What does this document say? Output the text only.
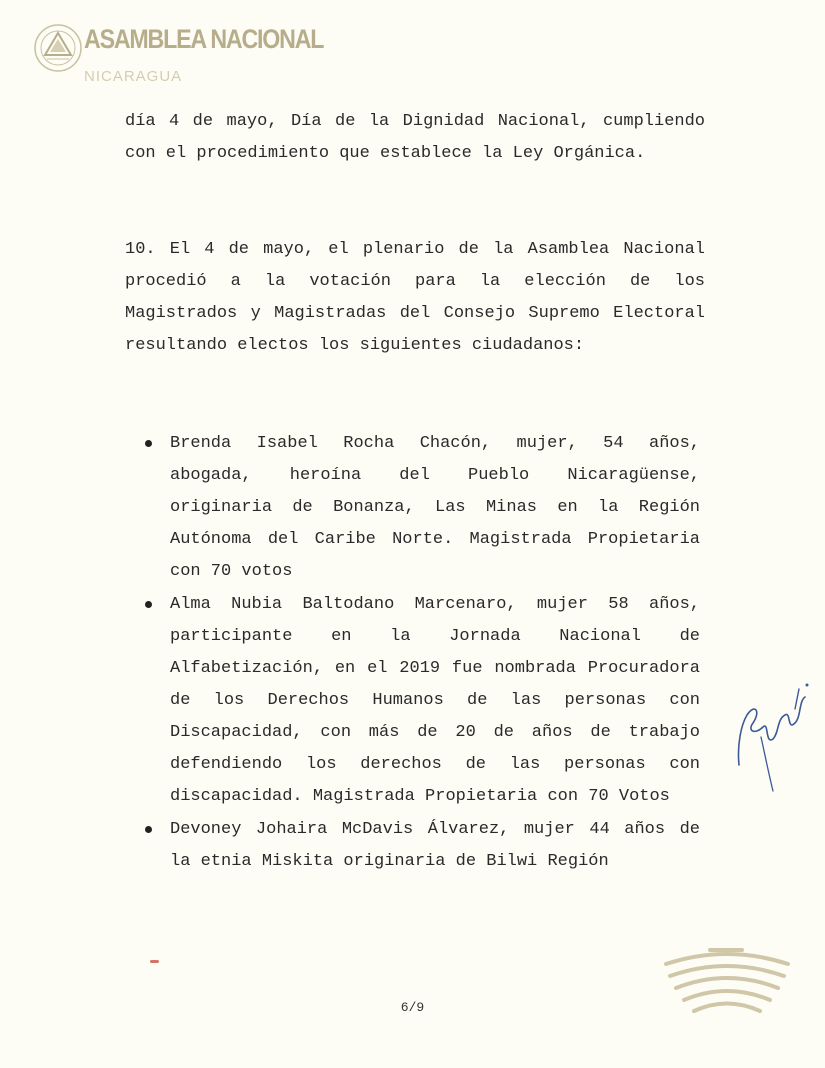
ASAMBLEA NACIONAL
NICARAGUA

día 4 de mayo, Día de la Dignidad Nacional, cumpliendo con el procedimiento que establece la Ley Orgánica.

10. El 4 de mayo, el plenario de la Asamblea Nacional procedió a la votación para la elección de los Magistrados y Magistradas del Consejo Supremo Electoral resultando electos los siguientes ciudadanos:

Brenda Isabel Rocha Chacón, mujer, 54 años, abogada, heroína del Pueblo Nicaragüense, originaria de Bonanza, Las Minas en la Región Autónoma del Caribe Norte. Magistrada Propietaria con 70 votos
Alma Nubia Baltodano Marcenaro, mujer 58 años, participante en la Jornada Nacional de Alfabetización, en el 2019 fue nombrada Procuradora de los Derechos Humanos de las personas con Discapacidad, con más de 20 de años de trabajo defendiendo los derechos de las personas con discapacidad. Magistrada Propietaria con 70 Votos
Devoney Johaira McDavis Álvarez, mujer 44 años de la etnia Miskita originaria de Bilwi Región
6/9
